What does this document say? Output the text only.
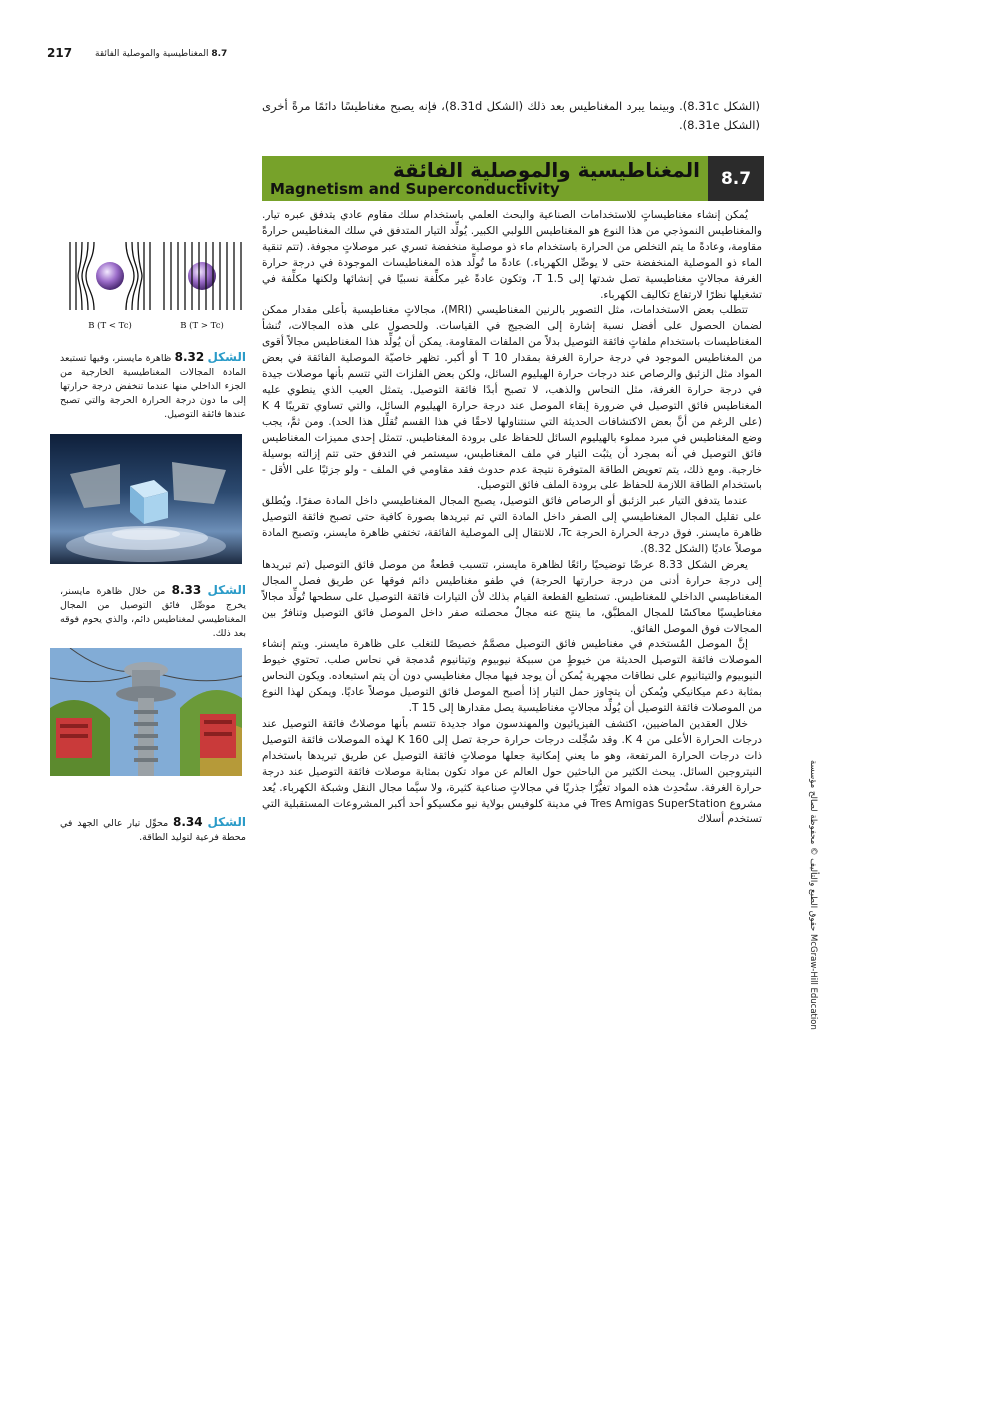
217	8.7 المغناطيسية والموصلية الفائقة
(الشكل 8.31c). وبينما يبرد المغناطيس بعد ذلك (الشكل 8.31d)، فإنه يصبح مغناطيسًا دائمًا مرةً أخرى (الشكل 8.31e).
8.7
المغناطيسية والموصلية الفائقة
Magnetism and Superconductivity

يُمكن إنشاء مغناطيساتٍ للاستخدامات الصناعية والبحث العلمي باستخدام سلك مقاوم عادي يتدفق عبره تيار. والمغناطيس النموذجي من هذا النوع هو المغناطيس اللولبي الكبير. يُولِّد التيار المتدفق في سلك المغناطيس حرارةً مقاومة، وعادةً ما يتم التخلص من الحرارة باستخدام ماء ذو موصلية منخفضة تسري عبر موصلاتٍ مجوفة. (تتم تنقية الماء ذو الموصلية المنخفضة حتى لا يوصِّل الكهرباء.) عادةً ما تُولِّد هذه المغناطيسات الموجودة في درجة حرارة الغرفة مجالاتٍ مغناطيسية تصل شدتها إلى 1.5 T، وتكون عادةً غير مكلِّفة نسبيًا في إنشائها ولكنها مكلِّفة في تشغيلها نظرًا لارتفاع تكاليف الكهرباء.

تتطلب بعض الاستخدامات، مثل التصوير بالرنين المغناطيسي (MRI)، مجالاتٍ مغناطيسية بأعلى مقدار ممكن لضمان الحصول على أفضل نسبة إشارة إلى الضجيج في القياسات. وللحصول على هذه المجالات، تُنشأ المغناطيسات باستخدام ملفاتٍ فائقة التوصيل بدلاً من الملفات المقاومة. يمكن أن يُولِّد هذا المغناطيس مجالاً أقوى من المغناطيس الموجود في درجة حرارة الغرفة بمقدار 10 T أو أكبر. تظهر خاصيّة الموصلية الفائقة في بعض المواد مثل الزئبق والرصاص عند درجات حرارة الهيليوم السائل، ولكن بعض الفلزات التي تتسم بأنها موصلات جيدة في درجة حرارة الغرفة، مثل النحاس والذهب، لا تصبح أبدًا فائقة التوصيل. يتمثل العيب الذي ينطوي عليه المغناطيس فائق التوصيل في ضرورة إبقاء الموصل عند درجة حرارة الهيليوم السائل، والتي تساوي تقريبًا 4 K (على الرغم من أنَّ بعض الاكتشافات الحديثة التي سنتناولها لاحقًا في هذا القسم تُقلِّل هذا الحد). ومن ثمَّ، يجب وضع المغناطيس في مبرد مملوء بالهيليوم السائل للحفاظ على برودة المغناطيس. تتمثل إحدى مميزات المغناطيس فائق التوصيل في أنه بمجرد أن يثبُت التيار في ملف المغناطيس، سيستمر في التدفق حتى تتم إزالته بوسيلة خارجية. ومع ذلك، يتم تعويض الطاقة المتوفرة نتيجة عدم حدوث فقد مقاومي في الملف - ولو جزئيًا على الأقل - باستخدام الطاقة اللازمة للحفاظ على برودة الملف فائق التوصيل.

عندما يتدفق التيار عبر الزئبق أو الرصاص فائق التوصيل، يصبح المجال المغناطيسي داخل المادة صفرًا. ويُطلق على تقليل المجال المغناطيسي إلى الصفر داخل المادة التي تم تبريدها بصورة كافية حتى تصبح فائقة التوصيل ظاهرة مايسنر. فوق درجة الحرارة الحرجة Tc، للانتقال إلى الموصلية الفائقة، تختفي ظاهرة مايسنر، وتصبح المادة موصلاً عاديًا (الشكل 8.32).

يعرض الشكل 8.33 عرضًا توضيحيًا رائعًا لظاهرة مايسنر، تتسبب قطعةٌ من موصل فائق التوصيل (تم تبريدها إلى درجة حرارة أدنى من درجة حرارتها الحرجة) في طفو مغناطيس دائم فوقها عن طريق فصل المجال المغناطيسي الداخلي للمغناطيس. تستطيع القطعة القيام بذلك لأن التيارات فائقة التوصيل على سطحها تُولِّد مجالاً مغناطيسيًا معاكسًا للمجال المطبَّق، ما ينتج عنه مجالٌ محصلته صفر داخل الموصل فائق التوصيل وتنافرٌ بين المجالات فوق الموصل الفائق.

إنَّ الموصل المُستخدم في مغناطيس فائق التوصيل مصمَّمٌ خصيصًا للتغلب على ظاهرة مايسنر. ويتم إنشاء الموصلات فائقة التوصيل الحديثة من خيوطٍ من سبيكة نيوبيوم وتيتانيوم مُدمجة في نحاس صلب. تحتوي خيوط النيوبيوم والتيتانيوم على نطاقات مجهرية يُمكن أن يوجد فيها مجال مغناطيسي دون أن يتم استبعاده. ويكون النحاس بمثابة دعم ميكانيكي ويُمكن أن يتجاوز حمل التيار إذا أصبح الموصل فائق التوصيل موصلاً عاديًا. ويمكن لهذا النوع من الموصلات فائقة التوصيل أن يُولِّد مجالاتٍ مغناطيسية يصل مقدارها إلى 15 T.

خلال العقدين الماضيين، اكتشف الفيزيائيون والمهندسون مواد جديدة تتسم بأنها موصلاتٌ فائقة التوصيل عند درجات الحرارة الأعلى من 4 K. وقد سُجِّلت درجات حرارة حرجة تصل إلى 160 K لهذه الموصلات فائقة التوصيل ذات درجات الحرارة المرتفعة، وهو ما يعني إمكانية جعلها موصلاتٍ فائقة التوصيل عن طريق تبريدها باستخدام النيتروجين السائل. يبحث الكثير من الباحثين حول العالم عن مواد تكون بمثابة موصلات فائقة التوصيل عند درجة حرارة الغرفة. ستُحدِث هذه المواد تغيُّرًا جذريًا في مجالاتٍ صناعية كثيرة، ولا سيَّما مجال النقل وشبكة الكهرباء. يُعد مشروع Tres Amigas SuperStation في مدينة كلوفيس بولاية نيو مكسيكو أحد أكبر المشروعات المستقبلية التي تستخدم أسلاك

B (T < Tc)	B (T > Tc)
الشكل 8.32 ظاهرة مايسنر، وفيها تستبعد المادة المجالات المغناطيسية الخارجية من الجزء الداخلي منها عندما تنخفض درجة حرارتها إلى ما دون درجة الحرارة الحرجة والتي تصبح عندها فائقة التوصيل.
الشكل 8.33 من خلال ظاهرة مايسنر، يخرج موصِّل فائق التوصيل من المجال المغناطيسي لمغناطيس دائم، والذي يحوم فوقه بعد ذلك.
الشكل 8.34 محوِّل تيار عالي الجهد في محطة فرعية لتوليد الطاقة.	حقوق الطبع والتأليف © محفوظة لصالح مؤسسة McGraw-Hill Education
